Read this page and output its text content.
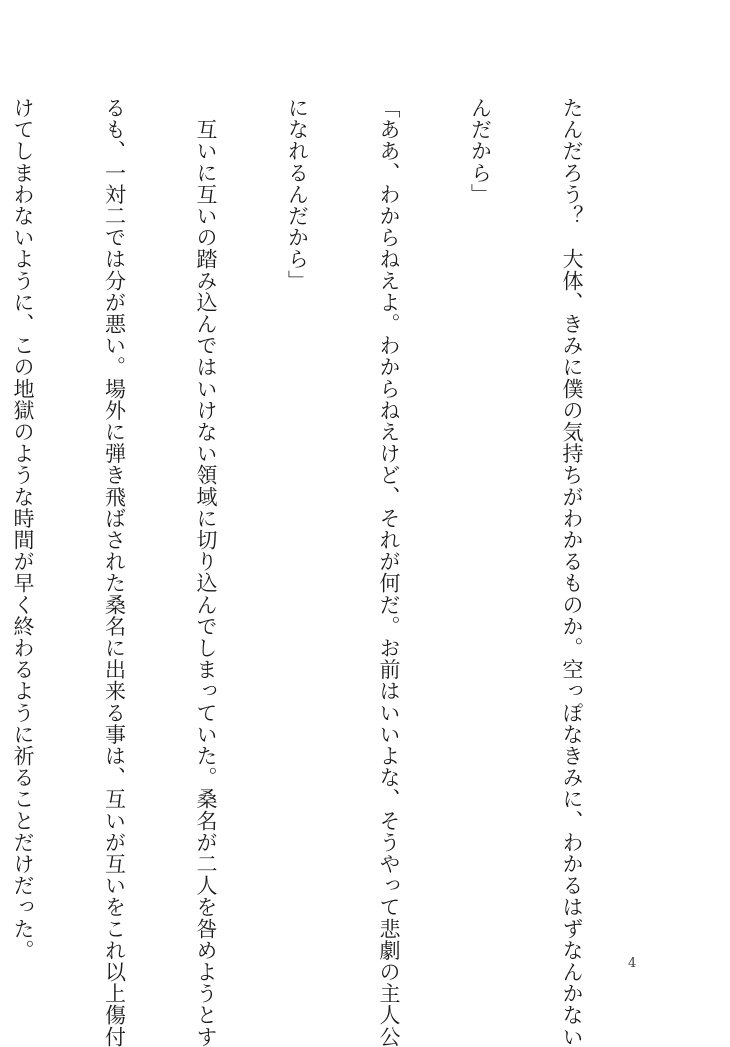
たんだろう？　大体、きみに僕の気持ちがわかるものか。空っぽなきみに、わかるはずなんかない

んだから」

「ああ、わからねえよ。わからねえけど、それが何だ。お前はいいよな、そうやって悲劇の主人公

になれるんだから」

　互いに互いの踏み込んではいけない領域に切り込んでしまっていた。桑名が二人を咎めようとす

るも、一対二では分が悪い。場外に弾き飛ばされた桑名に出来る事は、互いが互いをこれ以上傷付

けてしまわないように、この地獄のような時間が早く終わるように祈ることだけだった。

4
